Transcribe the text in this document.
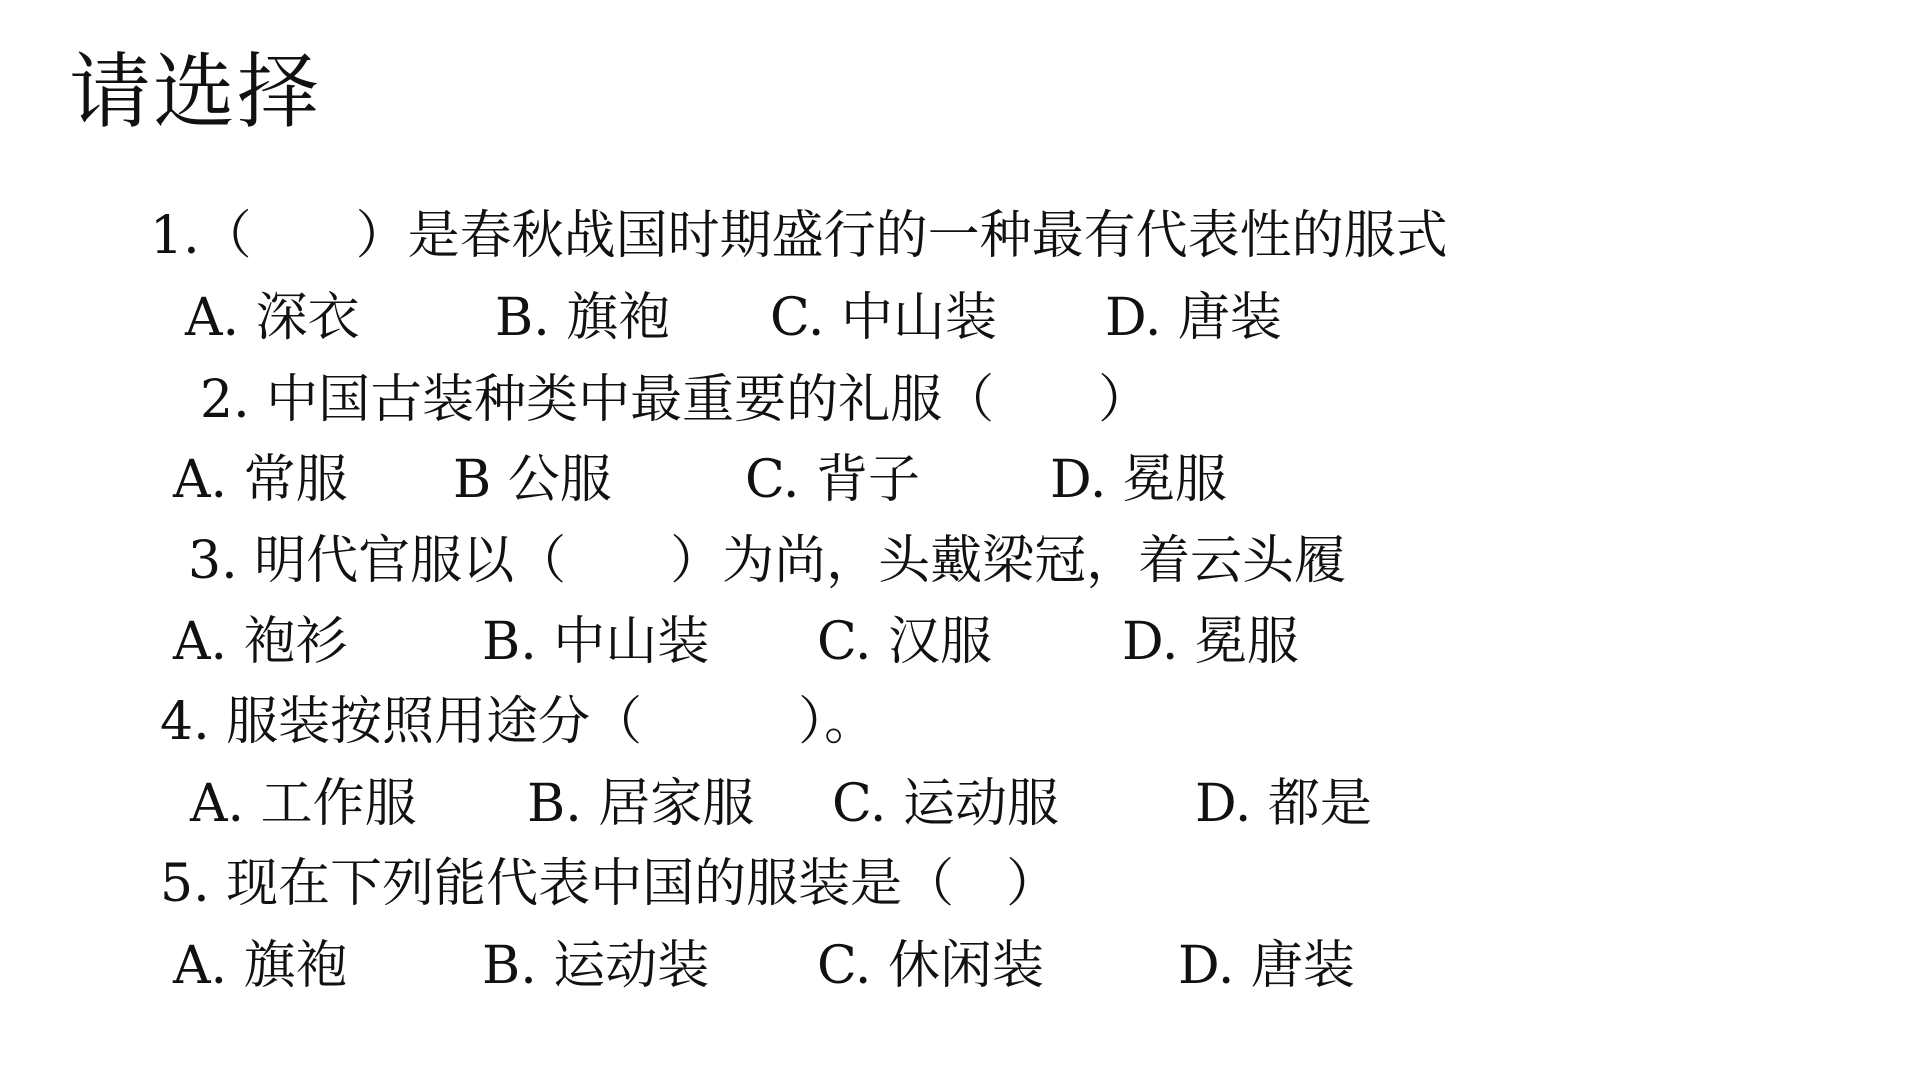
请选择
1.（　　）是春秋战国时期盛行的一种最有代表性的服式
A. 深衣	B. 旗袍 C. 中山装 D. 唐装
2. 中国古装种类中最重要的礼服（　　）
A. 常服 B 公服	C. 背子	D. 冕服
3. 明代官服以（　　）为尚，头戴梁冠，着云头履
A. 袍衫	B. 中山装 C. 汉服	D. 冕服
4. 服装按照用途分（　　　）。
A. 工作服 B. 居家服 C. 运动服	D. 都是
5. 现在下列能代表中国的服装是（　）
A. 旗袍	B. 运动装 C. 休闲装	D. 唐装
